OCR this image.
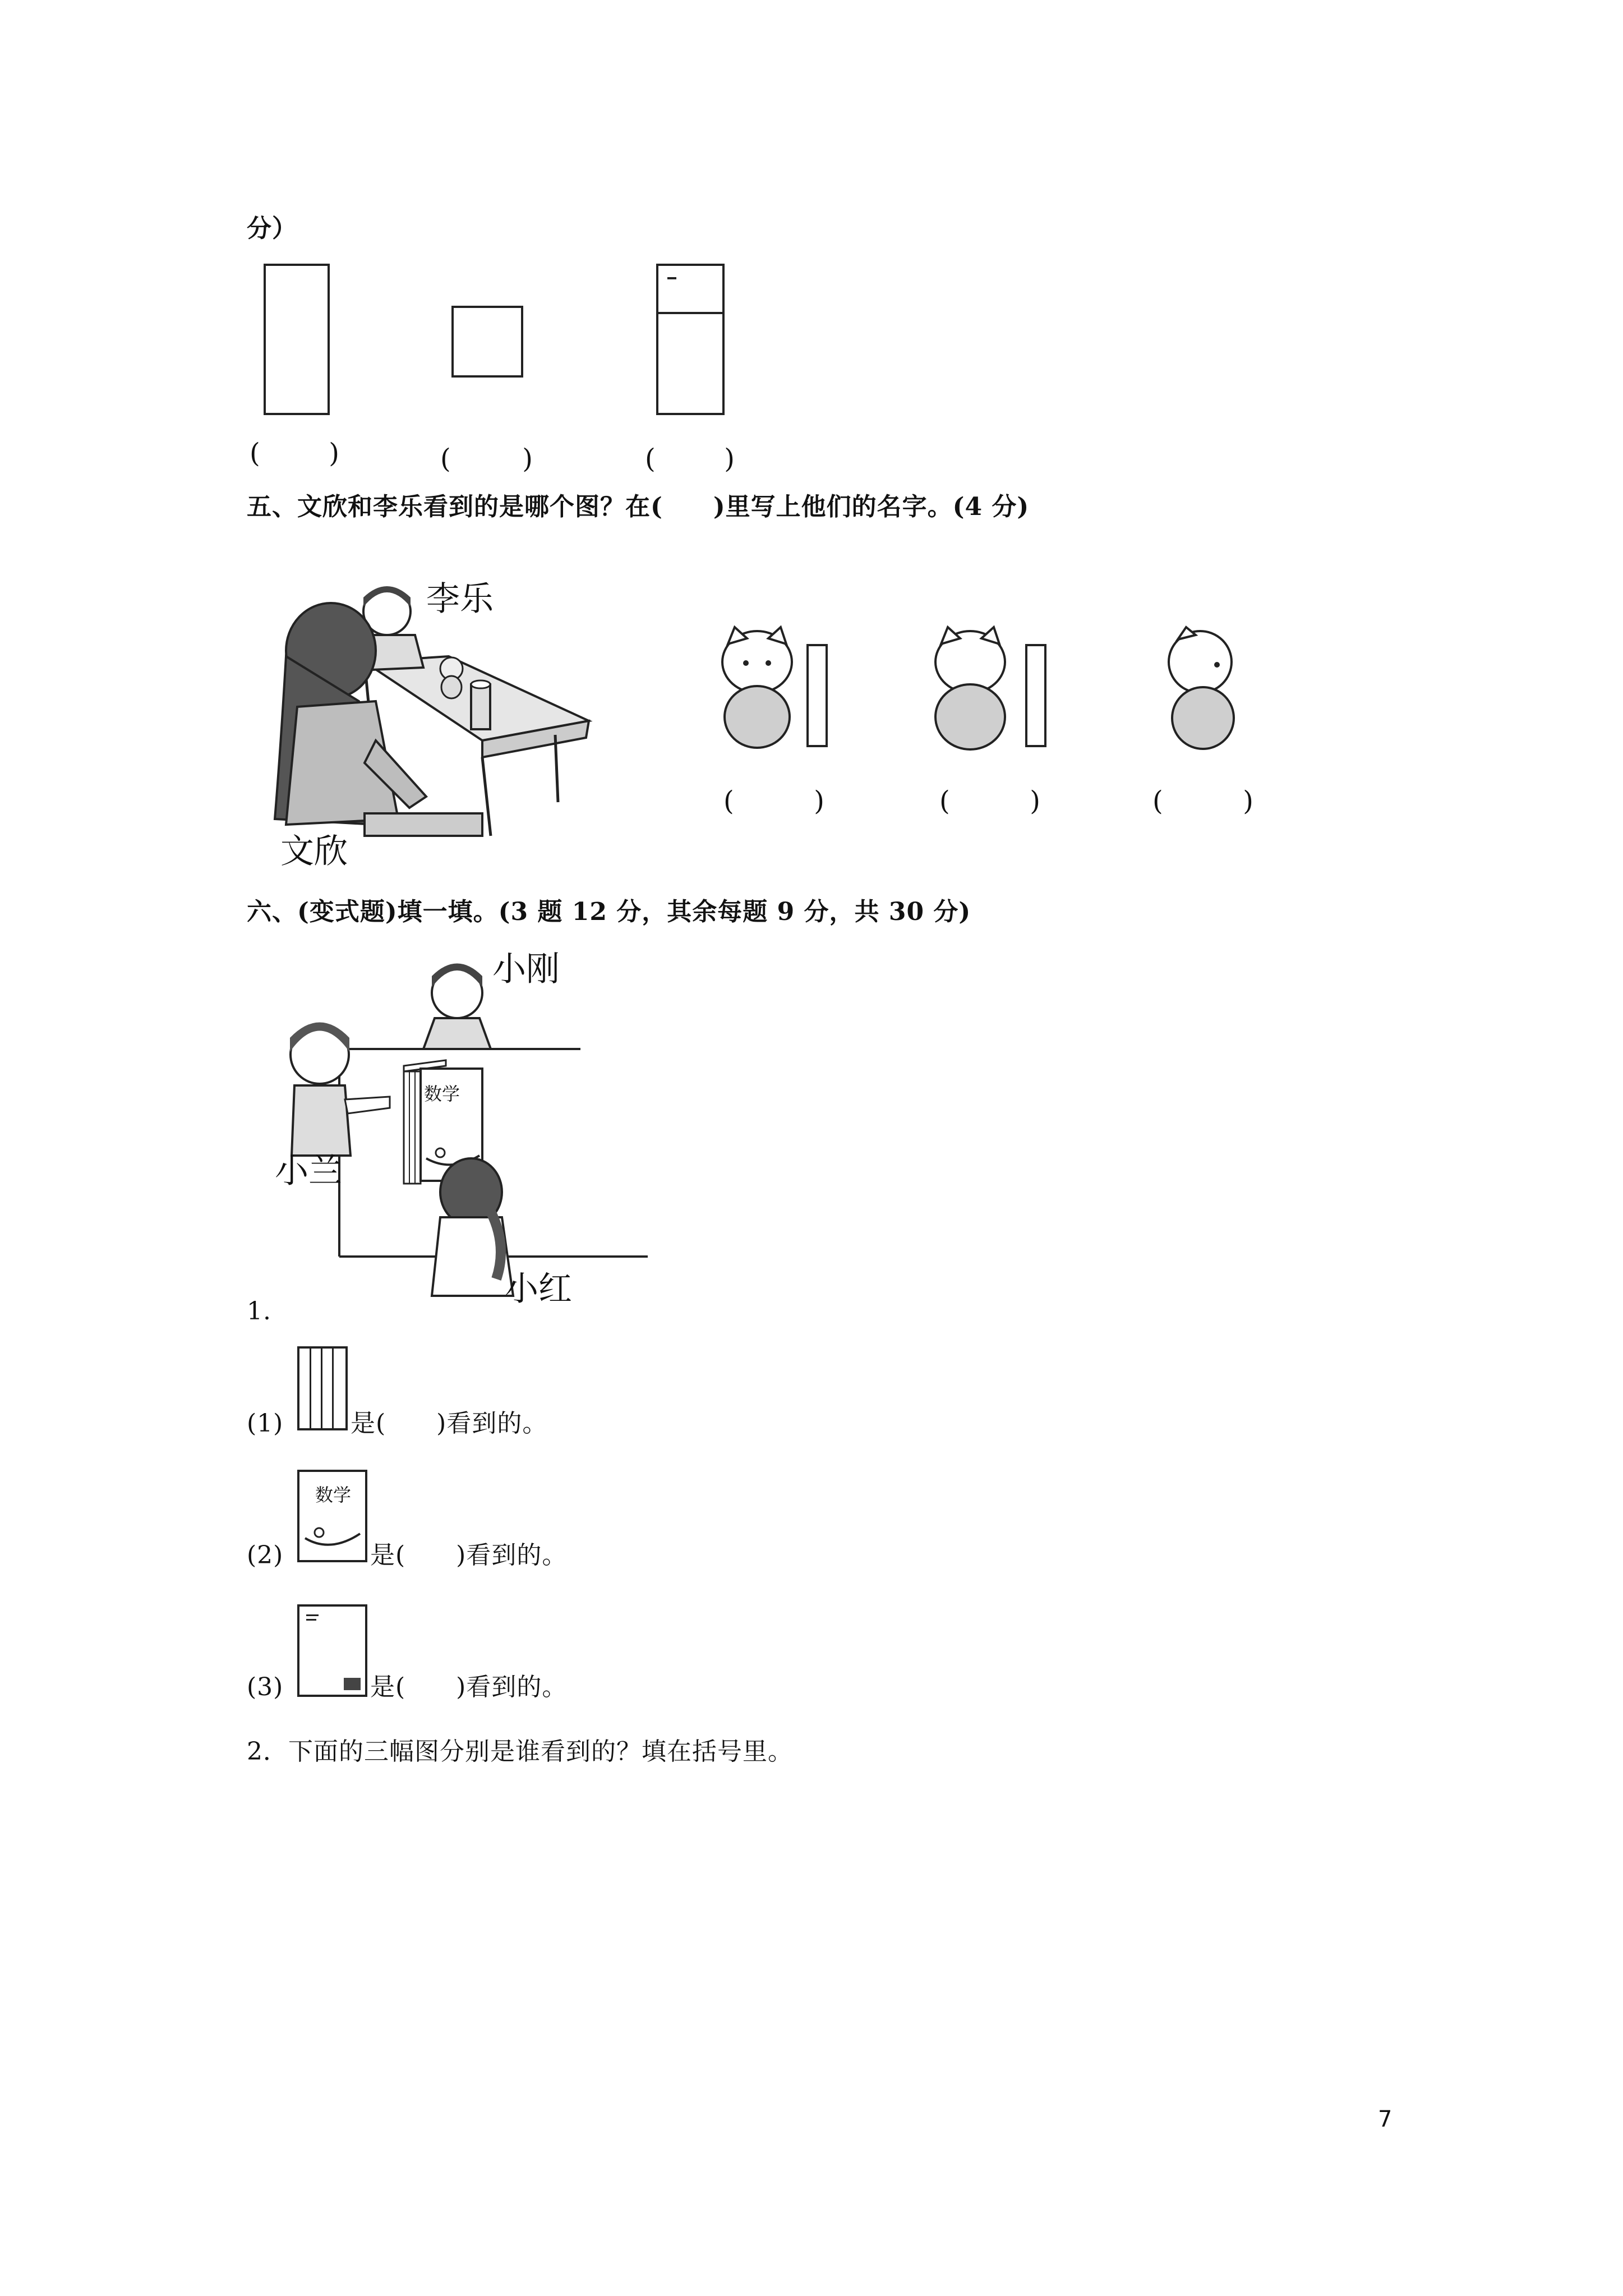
分）
(	)	(	)	(	)
五、文欣和李乐看到的是哪个图？在(　　)里写上他们的名字。(4 分)
李乐
文欣
(	)	(	)	(	)
六、(变式题)填一填。(3 题 12 分，其余每题 9 分，共 30 分)
小刚
小兰
小红
数学
1.
(1)	是(　　)看到的。
(2)
数学
是(　　)看到的。
(3)	是(　　)看到的。
2．下面的三幅图分别是谁看到的？填在括号里。
7
